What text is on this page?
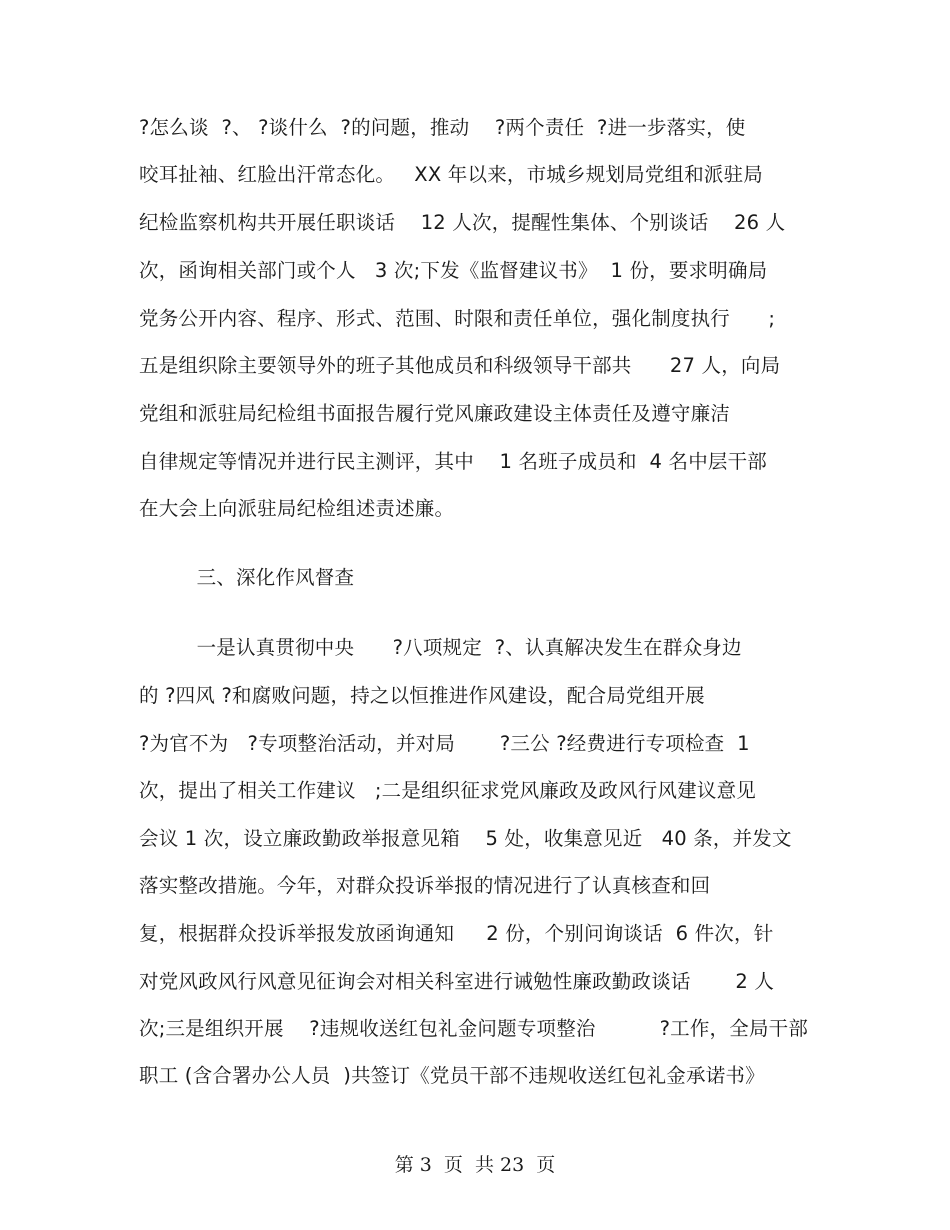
?怎么谈  ?、 ?谈什么  ?的问题，推动    ?两个责任  ?进一步落实，使
咬耳扯袖、红脸出汗常态化。   XX 年以来，市城乡规划局党组和派驻局
纪检监察机构共开展任职谈话    12 人次，提醒性集体、个别谈话    26 人
次，函询相关部门或个人   3 次;下发《监督建议书》  1 份，要求明确局
党务公开内容、程序、形式、范围、时限和责任单位，强化制度执行      ;
五是组织除主要领导外的班子其他成员和科级领导干部共      27 人，向局
党组和派驻局纪检组书面报告履行党风廉政建设主体责任及遵守廉洁
自律规定等情况并进行民主测评，其中    1 名班子成员和  4 名中层干部
在大会上向派驻局纪检组述责述廉。
三、深化作风督查
一是认真贯彻中央      ?八项规定  ?、认真解决发生在群众身边
的 ?四风 ?和腐败问题，持之以恒推进作风建设，配合局党组开展
?为官不为   ?专项整治活动，并对局       ?三公 ?经费进行专项检查  1
次，提出了相关工作建议   ;二是组织征求党风廉政及政风行风建议意见
会议 1 次，设立廉政勤政举报意见箱    5 处，收集意见近   40 条，并发文
落实整改措施。今年，对群众投诉举报的情况进行了认真核查和回
复，根据群众投诉举报发放函询通知     2 份，个别问询谈话  6 件次，针
对党风政风行风意见征询会对相关科室进行诫勉性廉政勤政谈话       2 人
次;三是组织开展    ?违规收送红包礼金问题专项整治          ?工作，全局干部
职工 (含合署办公人员  )共签订《党员干部不违规收送红包礼金承诺书》
第 3  页  共 23  页
